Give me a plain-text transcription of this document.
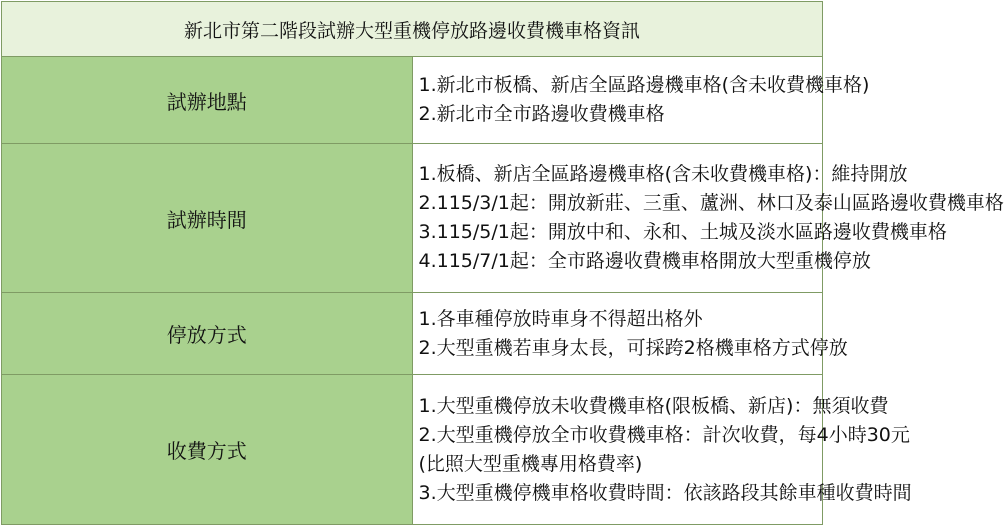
新北市第二階段試辦大型重機停放路邊收費機車格資訊	
試辦地點	1.新北市板橋、新店全區路邊機車格(含未收費機車格)
2.新北市全市路邊收費機車格

試辦時間	1.板橋、新店全區路邊機車格(含未收費機車格)：維持開放
2.115/3/1起：開放新莊、三重、蘆洲、林口及泰山區路邊收費機車格
3.115/5/1起：開放中和、永和、土城及淡水區路邊收費機車格
4.115/7/1起：全市路邊收費機車格開放大型重機停放

停放方式	1.各車種停放時車身不得超出格外
2.大型重機若車身太長，可採跨2格機車格方式停放

收費方式	1.大型重機停放未收費機車格(限板橋、新店)：無須收費
2.大型重機停放全市收費機車格：計次收費，每4小時30元
(比照大型重機專用格費率)
3.大型重機停機車格收費時間：依該路段其餘車種收費時間
